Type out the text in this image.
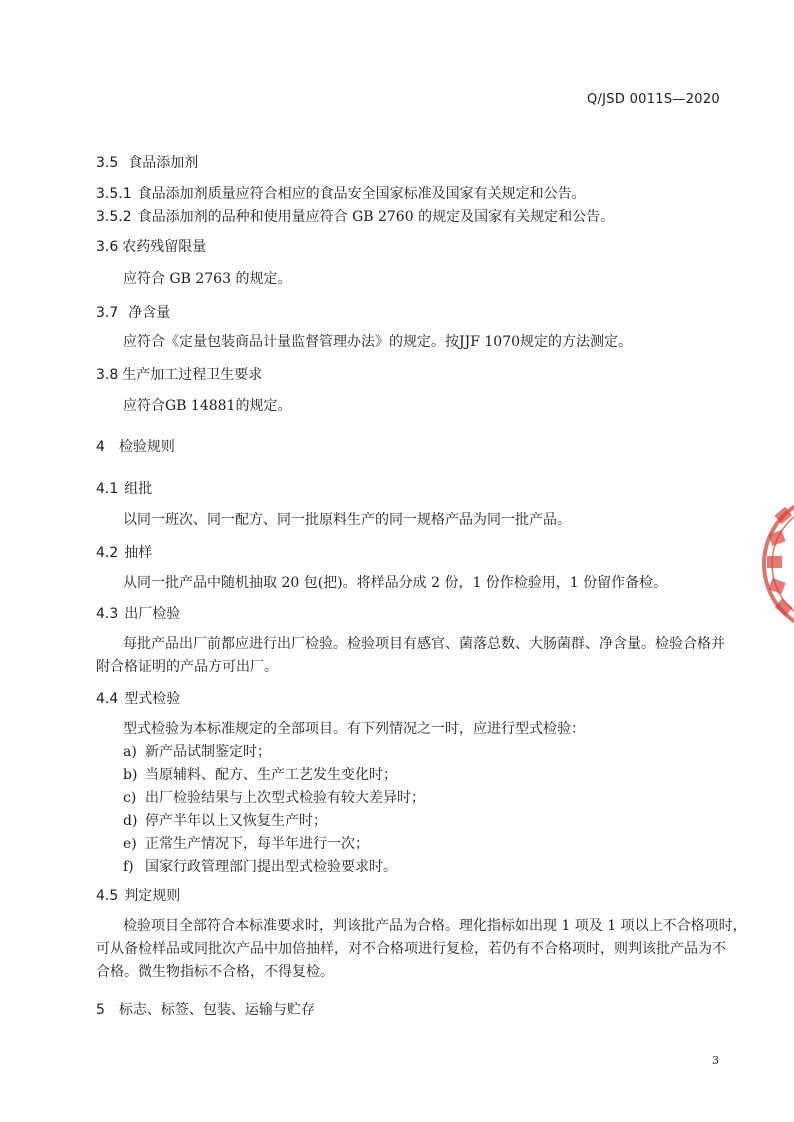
Q/JSD 0011S—2020
3.5 食品添加剂
3.5.1 食品添加剂质量应符合相应的食品安全国家标准及国家有关规定和公告。
3.5.2 食品添加剂的品种和使用量应符合 GB 2760 的规定及国家有关规定和公告。
3.6 农药残留限量
应符合 GB 2763 的规定。
3.7 净含量
应符合《定量包装商品计量监督管理办法》的规定。按JJF 1070规定的方法测定。
3.8 生产加工过程卫生要求
应符合GB 14881的规定。
4 检验规则
4.1 组批
以同一班次、同一配方、同一批原料生产的同一规格产品为同一批产品。
4.2 抽样
从同一批产品中随机抽取 20 包(把)。将样品分成 2 份，1 份作检验用，1 份留作备检。
4.3 出厂检验
每批产品出厂前都应进行出厂检验。检验项目有感官、菌落总数、大肠菌群、净含量。检验合格并
附合格证明的产品方可出厂。
4.4 型式检验
型式检验为本标准规定的全部项目。有下列情况之一时，应进行型式检验：
a) 新产品试制鉴定时；
b) 当原辅料、配方、生产工艺发生变化时；
c) 出厂检验结果与上次型式检验有较大差异时；
d) 停产半年以上又恢复生产时；
e) 正常生产情况下，每半年进行一次；
f) 国家行政管理部门提出型式检验要求时。
4.5 判定规则
检验项目全部符合本标准要求时，判该批产品为合格。理化指标如出现 1 项及 1 项以上不合格项时，
可从备检样品或同批次产品中加倍抽样，对不合格项进行复检，若仍有不合格项时，则判该批产品为不
合格。微生物指标不合格，不得复检。
5 标志、标签、包装、运输与贮存
3
